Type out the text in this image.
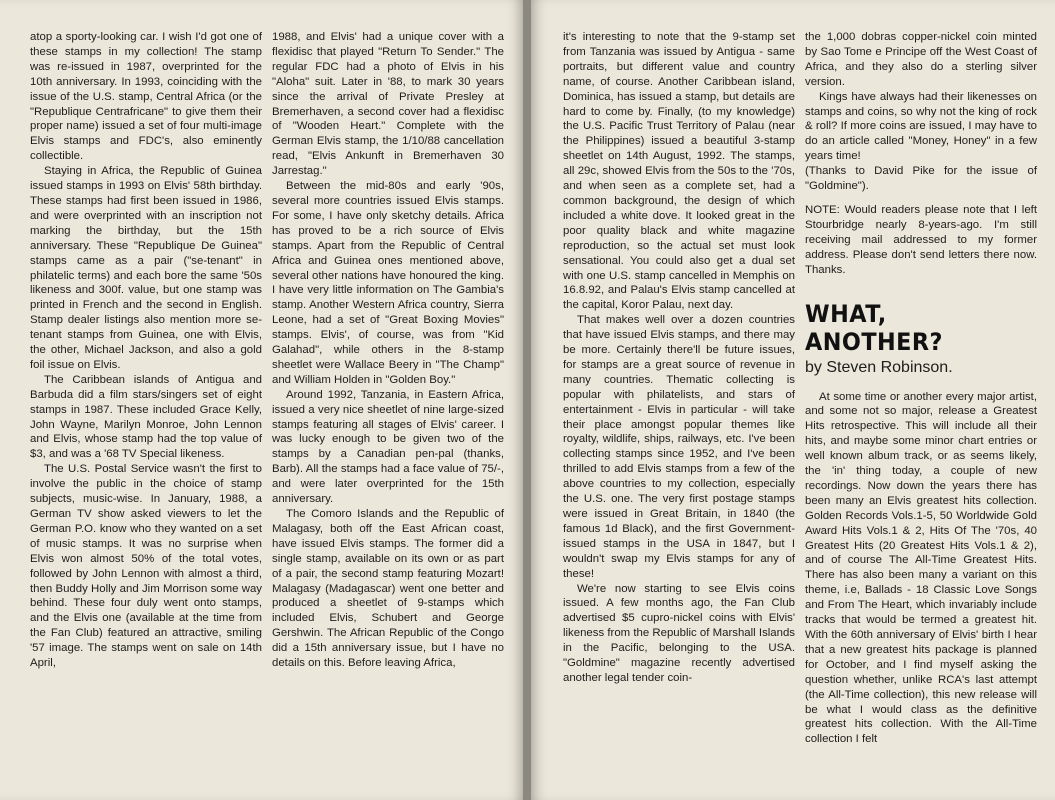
atop a sporty-looking car. I wish I'd got one of these stamps in my collection! The stamp was re-issued in 1987, overprinted for the 10th anniversary. In 1993, coinciding with the issue of the U.S. stamp, Central Africa (or the "Republique Centrafricane" to give them their proper name) issued a set of four multi-image Elvis stamps and FDC's, also eminently collectible.

Staying in Africa, the Republic of Guinea issued stamps in 1993 on Elvis' 58th birthday. These stamps had first been issued in 1986, and were overprinted with an inscription not marking the birthday, but the 15th anniversary. These "Republique De Guinea" stamps came as a pair ("se-tenant" in philatelic terms) and each bore the same '50s likeness and 300f. value, but one stamp was printed in French and the second in English. Stamp dealer listings also mention more se-tenant stamps from Guinea, one with Elvis, the other, Michael Jackson, and also a gold foil issue on Elvis.

The Caribbean islands of Antigua and Barbuda did a film stars/singers set of eight stamps in 1987. These included Grace Kelly, John Wayne, Marilyn Monroe, John Lennon and Elvis, whose stamp had the top value of $3, and was a '68 TV Special likeness.

The U.S. Postal Service wasn't the first to involve the public in the choice of stamp subjects, music-wise. In January, 1988, a German TV show asked viewers to let the German P.O. know who they wanted on a set of music stamps. It was no surprise when Elvis won almost 50% of the total votes, followed by John Lennon with almost a third, then Buddy Holly and Jim Morrison some way behind. These four duly went onto stamps, and the Elvis one (available at the time from the Fan Club) featured an attractive, smiling '57 image. The stamps went on sale on 14th April,

1988, and Elvis' had a unique cover with a flexidisc that played "Return To Sender." The regular FDC had a photo of Elvis in his "Aloha" suit. Later in '88, to mark 30 years since the arrival of Private Presley at Bremerhaven, a second cover had a flexidisc of "Wooden Heart." Complete with the German Elvis stamp, the 1/10/88 cancellation read, "Elvis Ankunft in Bremerhaven 30 Jarrestag."

Between the mid-80s and early '90s, several more countries issued Elvis stamps. For some, I have only sketchy details. Africa has proved to be a rich source of Elvis stamps. Apart from the Republic of Central Africa and Guinea ones mentioned above, several other nations have honoured the king. I have very little information on The Gambia's stamp. Another Western Africa country, Sierra Leone, had a set of "Great Boxing Movies" stamps. Elvis', of course, was from "Kid Galahad", while others in the 8-stamp sheetlet were Wallace Beery in "The Champ" and William Holden in "Golden Boy."

Around 1992, Tanzania, in Eastern Africa, issued a very nice sheetlet of nine large-sized stamps featuring all stages of Elvis' career. I was lucky enough to be given two of the stamps by a Canadian pen-pal (thanks, Barb). All the stamps had a face value of 75/-, and were later overprinted for the 15th anniversary.

The Comoro Islands and the Republic of Malagasy, both off the East African coast, have issued Elvis stamps. The former did a single stamp, available on its own or as part of a pair, the second stamp featuring Mozart! Malagasy (Madagascar) went one better and produced a sheetlet of 9-stamps which included Elvis, Schubert and George Gershwin. The African Republic of the Congo did a 15th anniversary issue, but I have no details on this. Before leaving Africa,

it's interesting to note that the 9-stamp set from Tanzania was issued by Antigua - same portraits, but different value and country name, of course. Another Caribbean island, Dominica, has issued a stamp, but details are hard to come by. Finally, (to my knowledge) the U.S. Pacific Trust Territory of Palau (near the Philippines) issued a beautiful 3-stamp sheetlet on 14th August, 1992. The stamps, all 29c, showed Elvis from the 50s to the '70s, and when seen as a complete set, had a common background, the design of which included a white dove. It looked great in the poor quality black and white magazine reproduction, so the actual set must look sensational. You could also get a dual set with one U.S. stamp cancelled in Memphis on 16.8.92, and Palau's Elvis stamp cancelled at the capital, Koror Palau, next day.

That makes well over a dozen countries that have issued Elvis stamps, and there may be more. Certainly there'll be future issues, for stamps are a great source of revenue in many countries. Thematic collecting is popular with philatelists, and stars of entertainment - Elvis in particular - will take their place amongst popular themes like royalty, wildlife, ships, railways, etc. I've been collecting stamps since 1952, and I've been thrilled to add Elvis stamps from a few of the above countries to my collection, especially the U.S. one. The very first postage stamps were issued in Great Britain, in 1840 (the famous 1d Black), and the first Government-issued stamps in the USA in 1847, but I wouldn't swap my Elvis stamps for any of these!

We're now starting to see Elvis coins issued. A few months ago, the Fan Club advertised $5 cupro-nickel coins with Elvis' likeness from the Republic of Marshall Islands in the Pacific, belonging to the USA. "Goldmine" magazine recently advertised another legal tender coin-

the 1,000 dobras copper-nickel coin minted by Sao Tome e Principe off the West Coast of Africa, and they also do a sterling silver version.

Kings have always had their likenesses on stamps and coins, so why not the king of rock & roll? If more coins are issued, I may have to do an article called "Money, Honey" in a few years time!

(Thanks to David Pike for the issue of "Goldmine").

NOTE: Would readers please note that I left Stourbridge nearly 8-years-ago. I'm still receiving mail addressed to my former address. Please don't send letters there now. Thanks.

WHAT, ANOTHER?
by Steven Robinson.

At some time or another every major artist, and some not so major, release a Greatest Hits retrospective. This will include all their hits, and maybe some minor chart entries or well known album track, or as seems likely, the 'in' thing today, a couple of new recordings. Now down the years there has been many an Elvis greatest hits collection. Golden Records Vols.1-5, 50 Worldwide Gold Award Hits Vols.1 & 2, Hits Of The '70s, 40 Greatest Hits (20 Greatest Hits Vols.1 & 2), and of course The All-Time Greatest Hits. There has also been many a variant on this theme, i.e, Ballads - 18 Classic Love Songs and From The Heart, which invariably include tracks that would be termed a greatest hit. With the 60th anniversary of Elvis' birth I hear that a new greatest hits package is planned for October, and I find myself asking the question whether, unlike RCA's last attempt (the All-Time collection), this new release will be what I would class as the definitive greatest hits collection. With the All-Time collection I felt
